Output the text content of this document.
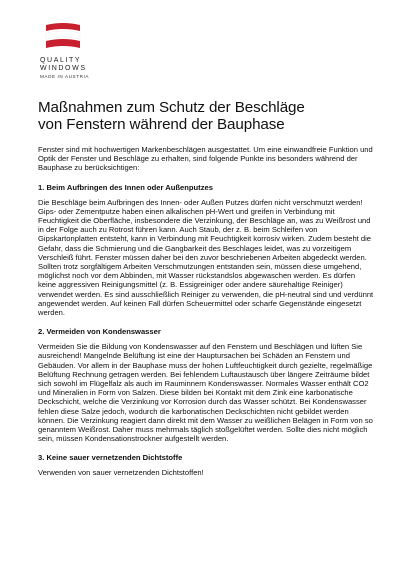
QUALITY
WINDOWS
MADE IN AUSTRIA
Maßnahmen zum Schutz der Beschläge
von Fenstern während der Bauphase

Fenster sind mit hochwertigen Markenbeschlägen ausgestattet. Um eine einwandfreie Funktion und Optik der Fenster und Beschläge zu erhalten, sind folgende Punkte ins besonders während der Bauphase zu berücksichtigen:

1. Beim Aufbringen des Innen oder Außenputzes

Die Beschläge beim Aufbringen des Innen- oder Außen Putzes dürfen nicht verschmutzt werden! Gips- oder Zementputze haben einen alkalischen pH-Wert und greifen in Verbindung mit Feuchtigkeit die Oberfläche, insbesondere die Verzinkung, der Beschläge an, was zu Weißrost und in der Folge auch zu Rotrost führen kann. Auch Staub, der z. B. beim Schleifen von Gipskartonplatten entsteht, kann in Verbindung mit Feuchtigkeit korrosiv wirken. Zudem besteht die Gefahr, dass die Schmierung und die Gangbarkeit des Beschlages leidet, was zu vorzeitigem Verschleiß führt. Fenster müssen daher bei den zuvor beschriebenen Arbeiten abgedeckt werden. Sollten trotz sorgfältigem Arbeiten Verschmutzungen entstanden sein, müssen diese umgehend, möglichst noch vor dem Abbinden, mit Wasser rückstandslos abgewaschen werden. Es dürfen keine aggressiven Reinigungsmittel (z. B. Essigreiniger oder andere säurehaltige Reiniger) verwendet werden. Es sind ausschließlich Reiniger zu verwenden, die pH-neutral sind und verdünnt angewendet werden. Auf keinen Fall dürfen Scheuermittel oder scharfe Gegenstände eingesetzt werden.

2. Vermeiden von Kondenswasser

Vermeiden Sie die Bildung von Kondenswasser auf den Fenstern und Beschlägen und lüften Sie ausreichend! Mangelnde Belüftung ist eine der Hauptursachen bei Schäden an Fenstern und Gebäuden. Vor allem in der Bauphase muss der hohen Luftfeuchtigkeit durch gezielte, regelmäßige Belüftung Rechnung getragen werden. Bei fehlendem Luftaustausch über längere Zeiträume bildet sich sowohl im Flügelfalz als auch im Rauminnern Kondenswasser. Normales Wasser enthält CO2 und Mineralien in Form von Salzen. Diese bilden bei Kontakt mit dem Zink eine karbonatische Deckschicht, welche die Verzinkung vor Korrosion durch das Wasser schützt. Bei Kondenswasser fehlen diese Salze jedoch, wodurch die karbonatischen Deckschichten nicht gebildet werden können. Die Verzinkung reagiert dann direkt mit dem Wasser zu weißlichen Belägen in Form von so genanntem Weißrost. Daher muss mehrmals täglich stoßgelüftet werden. Sollte dies nicht möglich sein, müssen Kondensationstrockner aufgestellt werden.

3. Keine sauer vernetzenden Dichtstoffe

Verwenden von sauer vernetzenden Dichtstoffen!
